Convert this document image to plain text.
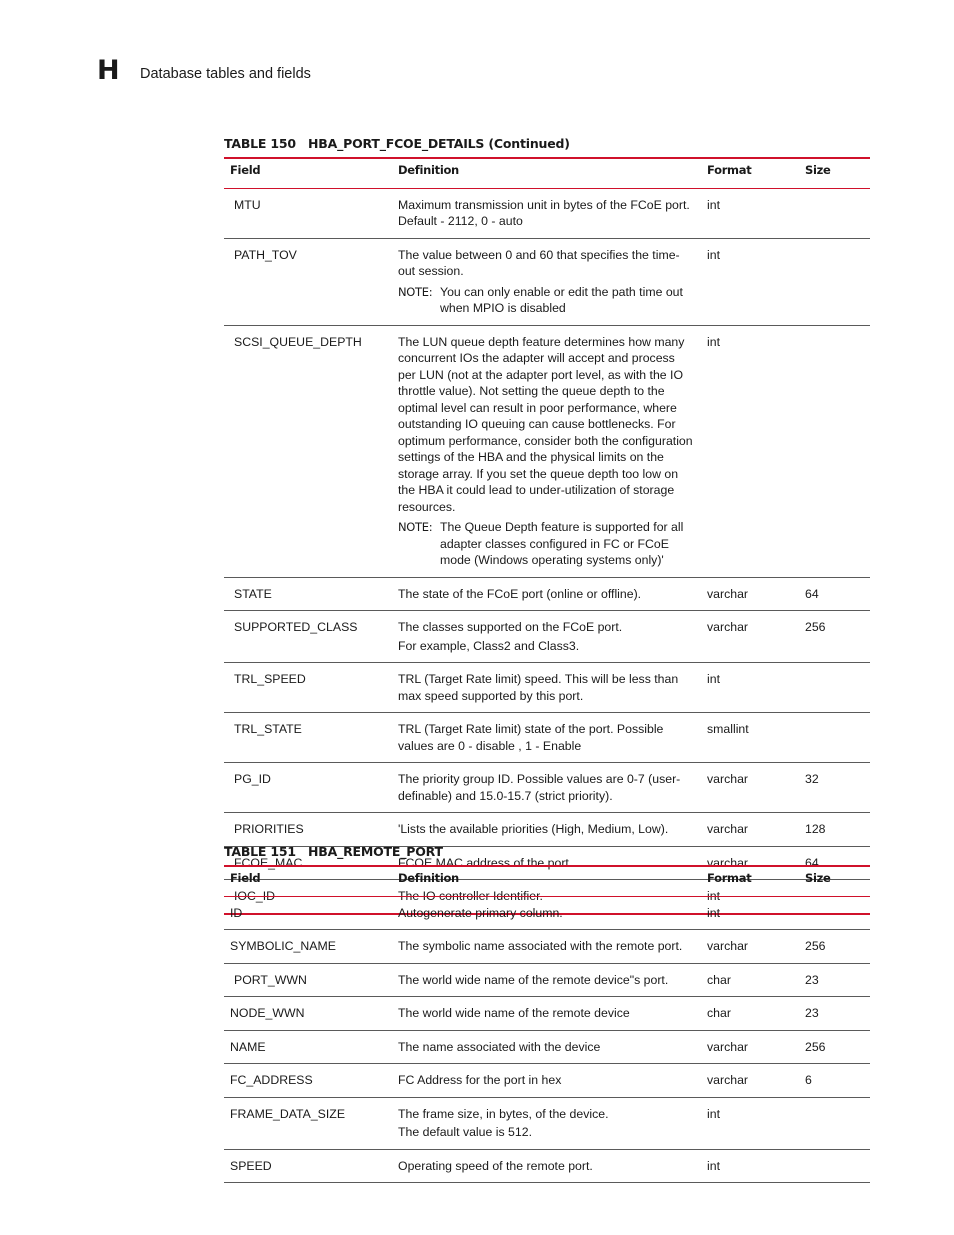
H Database tables and fields
TABLE 150 HBA_PORT_FCOE_DETAILS (Continued)
Field	Definition	Format	Size
MTU	Maximum transmission unit in bytes of the FCoE port.
Default - 2112, 0 - auto	int	
PATH_TOV	The value between 0 and 60 that specifies the time-out session.
NOTE: You can only enable or edit the path time out when MPIO is disabled	int	
SCSI_QUEUE_DEPTH	The LUN queue depth feature determines how many concurrent IOs the adapter will accept and process per LUN (not at the adapter port level, as with the IO throttle value). Not setting the queue depth to the optimal level can result in poor performance, where outstanding IO queuing can cause bottlenecks. For optimum performance, consider both the configuration settings of the HBA and the physical limits on the storage array. If you set the queue depth too low on the HBA it could lead to under-utilization of storage resources.
NOTE: The Queue Depth feature is supported for all adapter classes configured in FC or FCoE mode (Windows operating systems only)'	int	
STATE	The state of the FCoE port (online or offline).	varchar	64
SUPPORTED_CLASS	The classes supported on the FCoE port.
For example, Class2 and Class3.	varchar	256
TRL_SPEED	TRL (Target Rate limit) speed. This will be less than max speed supported by this port.	int	
TRL_STATE	TRL (Target Rate limit) state of the port. Possible values are 0 - disable , 1 - Enable	smallint	
PG_ID	The priority group ID. Possible values are 0-7 (user-definable) and 15.0-15.7 (strict priority).	varchar	32
PRIORITIES	'Lists the available priorities (High, Medium, Low).	varchar	128
FCOE_MAC	FCOE MAC address of the port.	varchar	64
IOC_ID	The IO controller Identifier.	int	
TABLE 151 HBA_REMOTE_PORT
Field	Definition	Format	Size
ID	Autogenerate primary column.	int	
SYMBOLIC_NAME	The symbolic name associated with the remote port.	varchar	256
PORT_WWN	The world wide name of the remote device"s port.	char	23
NODE_WWN	The world wide name of the remote device	char	23
NAME	The name associated with the device	varchar	256
FC_ADDRESS	FC Address for the port in hex	varchar	6
FRAME_DATA_SIZE	The frame size, in bytes, of the device.
The default value is 512.	int	
SPEED	Operating speed of the remote port.	int	
